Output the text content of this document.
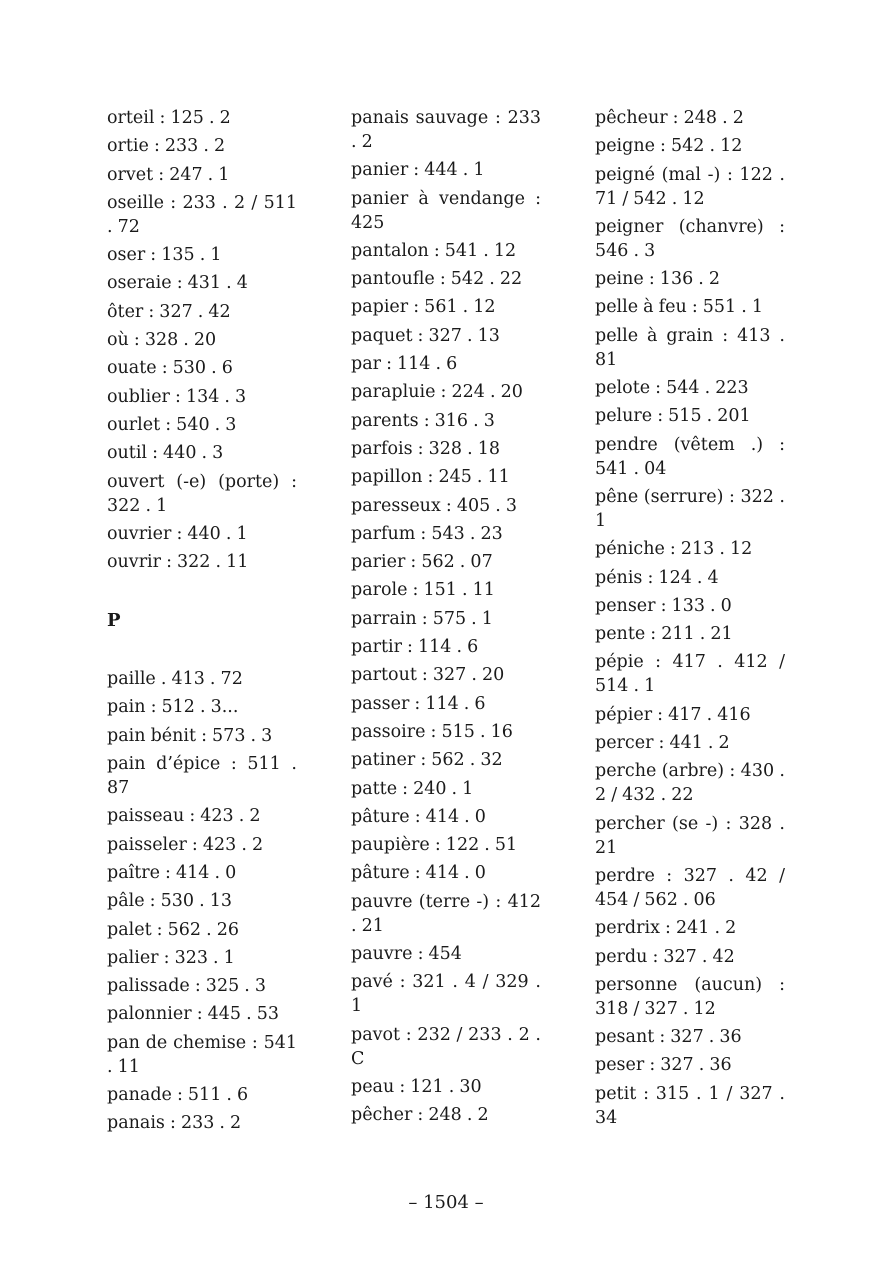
orteil : 125 . 2
ortie : 233 . 2
orvet : 247 . 1
oseille : 233 . 2 / 511 . 72
oser : 135 . 1
oseraie : 431 . 4
ôter : 327 . 42
où : 328 . 20
ouate : 530 . 6
oublier : 134 . 3
ourlet : 540 . 3
outil : 440 . 3
ouvert (-e) (porte) : 322 . 1
ouvrier : 440 . 1
ouvrir : 322 . 11
P
paille . 413 . 72
pain : 512 . 3...
pain bénit : 573 . 3
pain d’épice : 511 . 87
paisseau : 423 . 2
paisseler : 423 . 2
paître : 414 . 0
pâle : 530 . 13
palet : 562 . 26
palier : 323 . 1
palissade : 325 . 3
palonnier : 445 . 53
pan de chemise : 541 . 11
panade : 511 . 6
panais : 233 . 2
panais sauvage : 233 . 2
panier : 444 . 1
panier à vendange : 425
pantalon : 541 . 12
pantoufle : 542 . 22
papier : 561 . 12
paquet : 327 . 13
par : 114 . 6
parapluie : 224 . 20
parents : 316 . 3
parfois : 328 . 18
papillon : 245 . 11
paresseux : 405 . 3
parfum : 543 . 23
parier : 562 . 07
parole : 151 . 11
parrain : 575 . 1
partir : 114 . 6
partout : 327 . 20
passer : 114 . 6
passoire : 515 . 16
patiner : 562 . 32
patte : 240 . 1
pâture : 414 . 0
paupière : 122 . 51
pâture : 414 . 0
pauvre (terre -) : 412 . 21
pauvre : 454
pavé : 321 . 4 / 329 . 1
pavot : 232 / 233 . 2 . C
peau : 121 . 30
pêcher : 248 . 2
pêcheur : 248 . 2
peigne : 542 . 12
peigné (mal -) : 122 . 71 / 542 . 12
peigner (chanvre) : 546 . 3
peine : 136 . 2
pelle à feu : 551 . 1
pelle à grain : 413 . 81
pelote : 544 . 223
pelure : 515 . 201
pendre (vêtem .) : 541 . 04
pêne (serrure) : 322 . 1
péniche : 213 . 12
pénis : 124 . 4
penser : 133 . 0
pente : 211 . 21
pépie : 417 . 412 / 514 . 1
pépier : 417 . 416
percer : 441 . 2
perche (arbre) : 430 . 2 / 432 . 22
percher (se -) : 328 . 21
perdre : 327 . 42 / 454 / 562 . 06
perdrix : 241 . 2
perdu : 327 . 42
personne (aucun) : 318 / 327 . 12
pesant : 327 . 36
peser : 327 . 36
petit : 315 . 1 / 327 . 34
– 1504 –
